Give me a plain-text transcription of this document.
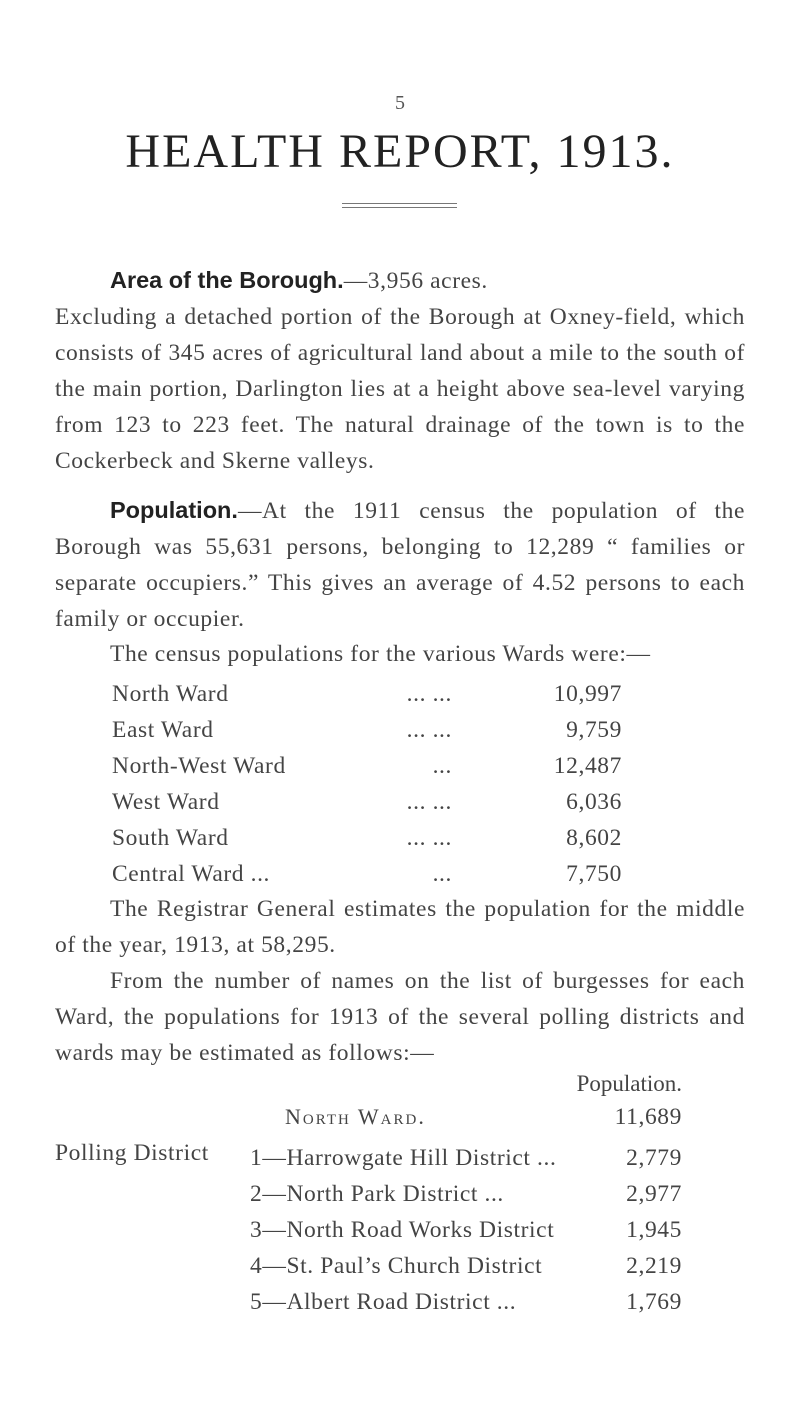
5
HEALTH REPORT, 1913.
Area of the Borough.—3,956 acres.
Excluding a detached portion of the Borough at Oxney-field, which consists of 345 acres of agricultural land about a mile to the south of the main portion, Darlington lies at a height above sea-level varying from 123 to 223 feet. The natural drainage of the town is to the Cockerbeck and Skerne valleys.
Population.—At the 1911 census the population of the Borough was 55,631 persons, belonging to 12,289 “ families or separate occupiers.” This gives an average of 4.52 persons to each family or occupier.
The census populations for the various Wards were:—
North Ward	... ...	10,997
East Ward	... ...	9,759
North-West Ward	...	12,487
West Ward	... ...	6,036
South Ward	... ...	8,602
Central Ward ...	...	7,750
The Registrar General estimates the population for the middle of the year, 1913, at 58,295.
From the number of names on the list of burgesses for each Ward, the populations for 1913 of the several polling districts and wards may be estimated as follows:—
Population.
North Ward.	11,689
Polling District 1—Harrowgate Hill District ...	2,779
2—North Park District ...	2,977
3—North Road Works District	1,945
4—St. Paul’s Church District	2,219
5—Albert Road District ...	1,769
